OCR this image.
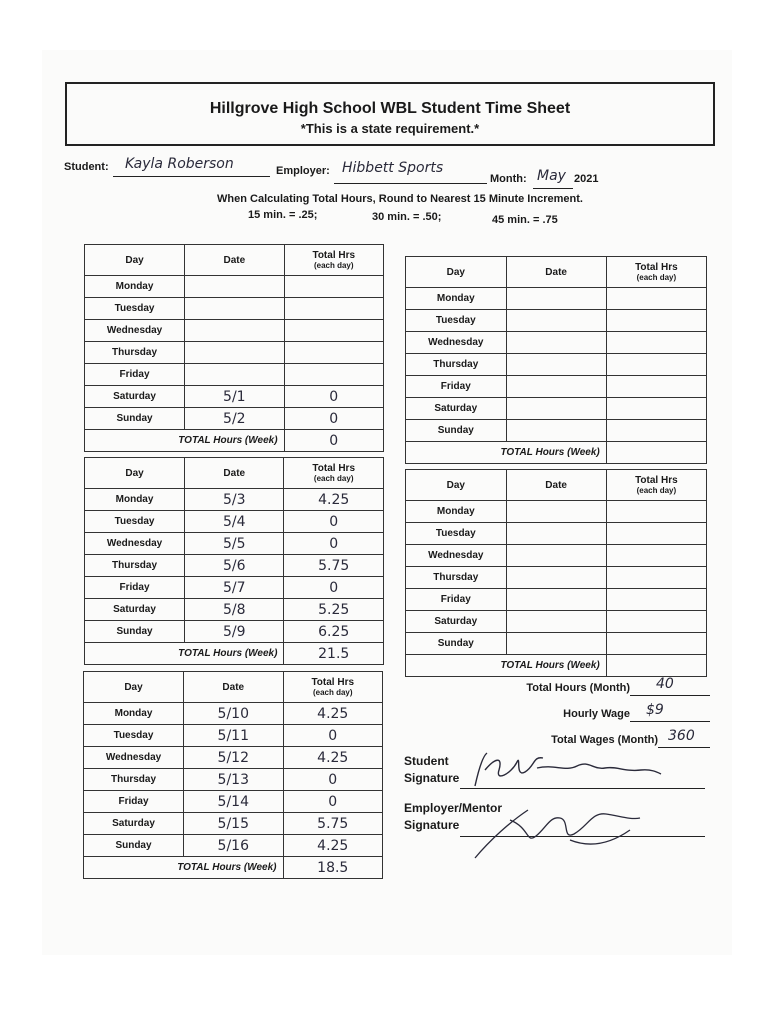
Hillgrove High School WBL Student Time Sheet
*This is a state requirement.*
Student: Kayla Roberson	Employer: Hibbett Sports
Month: May 2021
When Calculating Total Hours, Round to Nearest 15 Minute Increment.
15 min. = .25;	30 min. = .50;	45 min. = .75
Day	Date	Total Hrs
(each day)

Monday		
Tuesday		
Wednesday		
Thursday		
Friday		
Saturday	5/1	0
Sunday	5/2	0
TOTAL Hours (Week)		0
Day	Date	Total Hrs
(each day)

Monday	5/3	4.25
Tuesday	5/4	0
Wednesday	5/5	0
Thursday	5/6	5.75
Friday	5/7	0
Saturday	5/8	5.25
Sunday	5/9	6.25
TOTAL Hours (Week)		21.5
Day	Date	Total Hrs
(each day)

Monday	5/10	4.25
Tuesday	5/11	0
Wednesday	5/12	4.25
Thursday	5/13	0
Friday	5/14	0
Saturday	5/15	5.75
Sunday	5/16	4.25
TOTAL Hours (Week)		18.5
Day	Date	Total Hrs
(each day)

Monday		
Tuesday		
Wednesday		
Thursday		
Friday		
Saturday		
Sunday		
TOTAL Hours (Week)		
Day	Date	Total Hrs
(each day)

Monday		
Tuesday		
Wednesday		
Thursday		
Friday		
Saturday		
Sunday		
TOTAL Hours (Week)		
Total Hours (Month) 40
Hourly Wage $9
Total Wages (Month) 360
Student
Signature
Employer/Mentor
Signature
